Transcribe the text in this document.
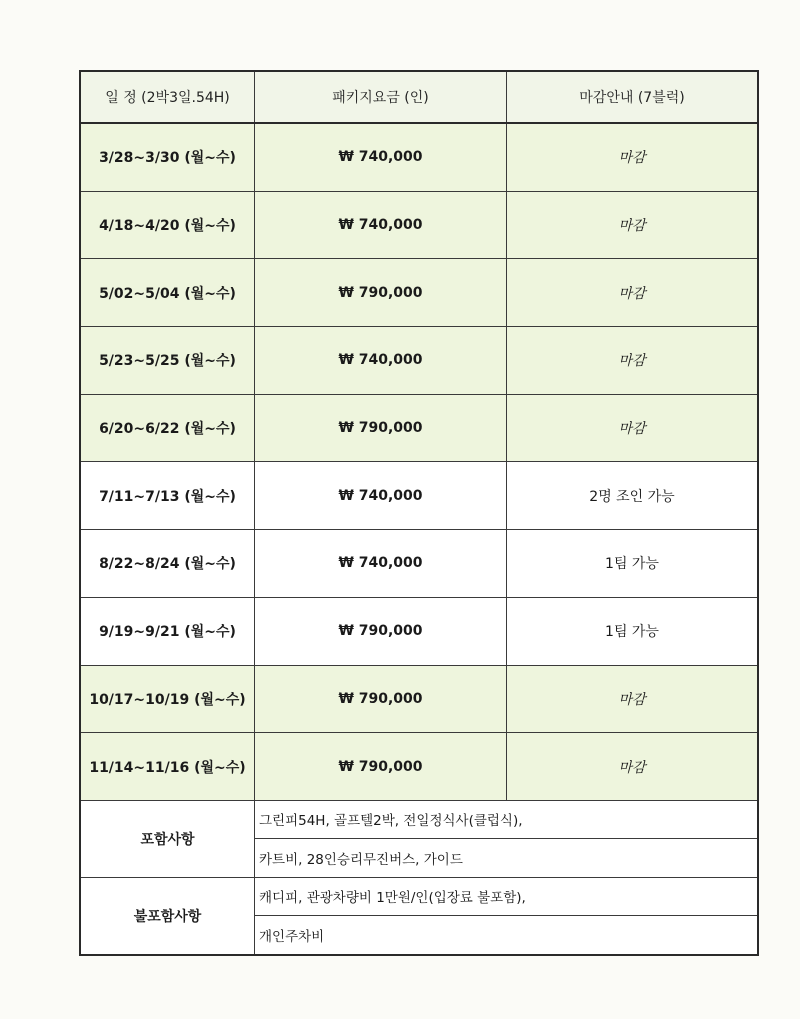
일 정 (2박3일.54H)	패키지요금 (인)	마감안내 (7블럭)
3/28~3/30 (월~수)	₩ 740,000	마감
4/18~4/20 (월~수)	₩ 740,000	마감
5/02~5/04 (월~수)	₩ 790,000	마감
5/23~5/25 (월~수)	₩ 740,000	마감
6/20~6/22 (월~수)	₩ 790,000	마감
7/11~7/13 (월~수)	₩ 740,000	2명 조인 가능
8/22~8/24 (월~수)	₩ 740,000	1팀 가능
9/19~9/21 (월~수)	₩ 790,000	1팀 가능
10/17~10/19 (월~수)	₩ 790,000	마감
11/14~11/16 (월~수)	₩ 790,000	마감
포함사항
그린피54H, 골프텔2박, 전일정식사(클럽식),
카트비, 28인승리무진버스, 가이드
불포함사항
캐디피, 관광차량비 1만원/인(입장료 불포함),
개인주차비
